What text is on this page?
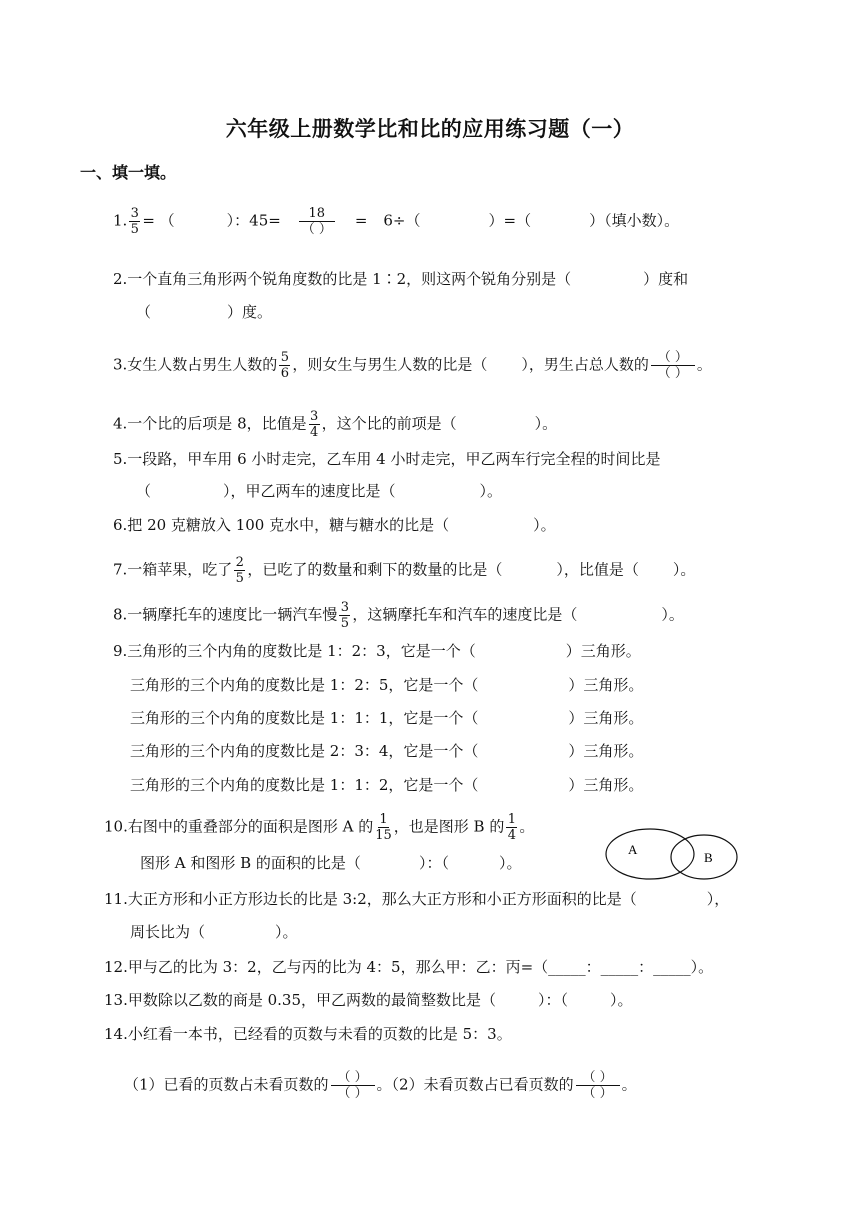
六年级上册数学比和比的应用练习题（一）
一、填一填。
1. $\frac{3}{5}$ = （	）：$45= \frac{18}{( )} = 6\div$（	）=（	）（填小数）。
2.一个直角三角形两个锐角度数的比是 1∶2，则这两个锐角分别是（	）度和
（	）度。
3.女生人数占男生人数的 $\frac{5}{6}$ ，则女生与男生人数的比是（ ），男生占总人数的 $\frac{( )}{( )}$ 。
4.一个比的后项是 8，比值是 $\frac{3}{4}$ ，这个比的前项是（	）。
5.一段路，甲车用 6 小时走完，乙车用 4 小时走完，甲乙两车行完全程的时间比是
（	），甲乙两车的速度比是（	）。
6.把 20 克糖放入 100 克水中，糖与糖水的比是（	）。
7.一箱苹果，吃了 $\frac{2}{5}$ ，已吃了的数量和剩下的数量的比是（	），比值是（ ）。
8.一辆摩托车的速度比一辆汽车慢 $\frac{3}{5}$ ，这辆摩托车和汽车的速度比是（	）。
9.三角形的三个内角的度数比是 1：2：3，它是一个（	）三角形。
三角形的三个内角的度数比是 1：2：5，它是一个（	）三角形。
三角形的三个内角的度数比是 1：1：1，它是一个（	）三角形。
三角形的三个内角的度数比是 2：3：4，它是一个（	）三角形。
三角形的三个内角的度数比是 1：1：2，它是一个（	）三角形。
10.右图中的重叠部分的面积是图形 A 的 $\frac{1}{15}$ ，也是图形 B 的 $\frac{1}{4}$ 。
图形 A 和图形 B 的面积的比是（	）：（	）。
A
B
11.大正方形和小正方形边长的比是 3:2，那么大正方形和小正方形面积的比是（	），
周长比为（	）。
12.甲与乙的比为 3：2，乙与丙的比为 4：5，那么甲：乙：丙=（_____：_____：_____）。
13.甲数除以乙数的商是 0.35，甲乙两数的最简整数比是（	）：（	）。
14.小红看一本书，已经看的页数与未看的页数的比是 5：3。
（1）已看的页数占未看页数的 $\frac{( )}{( )}$ 。（2）未看页数占已看页数的 $\frac{( )}{( )}$ 。
